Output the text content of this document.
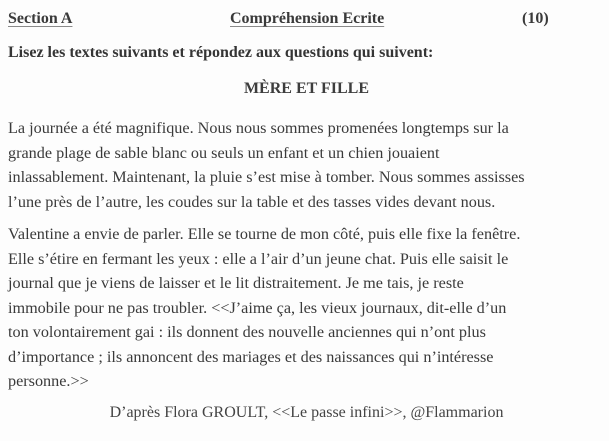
Section A	Compréhension Ecrite	(10)
Lisez les textes suivants et répondez aux questions qui suivent:
MÈRE ET FILLE
La journée a été magnifique. Nous nous sommes promenées longtemps sur la
grande plage de sable blanc ou seuls un enfant et un chien jouaient
inlassablement. Maintenant, la pluie s’est mise à tomber. Nous sommes assisses
l’une près de l’autre, les coudes sur la table et des tasses vides devant nous.
Valentine a envie de parler. Elle se tourne de mon côté, puis elle fixe la fenêtre.
Elle s’étire en fermant les yeux : elle a l’air d’un jeune chat. Puis elle saisit le
journal que je viens de laisser et le lit distraitement. Je me tais, je reste
immobile pour ne pas troubler. <<J’aime ça, les vieux journaux, dit-elle d’un
ton volontairement gai : ils donnent des nouvelle anciennes qui n’ont plus
d’importance ; ils annoncent des mariages et des naissances qui n’intéresse
personne.>>
D’après Flora GROULT, <<Le passe infini>>, @Flammarion
